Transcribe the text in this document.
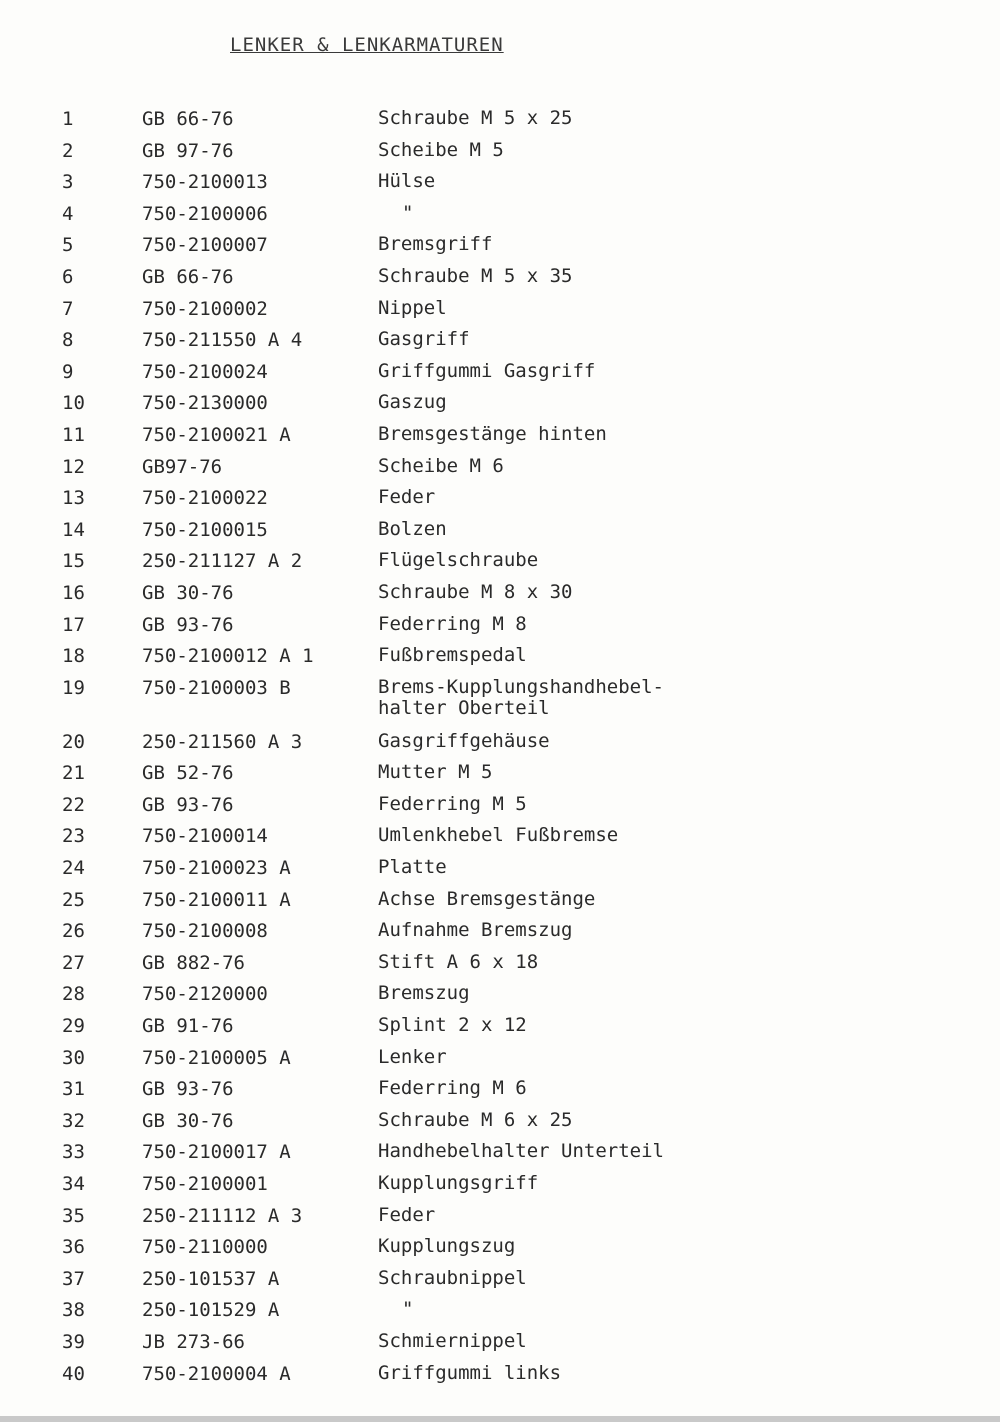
LENKER & LENKARMATUREN
1	GB 66-76	Schraube M 5 x 25
2	GB 97-76	Scheibe M 5
3	750-2100013	Hülse
4	750-2100006	"
5	750-2100007	Bremsgriff
6	GB 66-76	Schraube M 5 x 35
7	750-2100002	Nippel
8	750-211550 A 4	Gasgriff
9	750-2100024	Griffgummi Gasgriff
10	750-2130000	Gaszug
11	750-2100021 A	Bremsgestänge hinten
12	GB97-76	Scheibe M 6
13	750-2100022	Feder
14	750-2100015	Bolzen
15	250-211127 A 2	Flügelschraube
16	GB 30-76	Schraube M 8 x 30
17	GB 93-76	Federring M 8
18	750-2100012 A 1	Fußbremspedal
19	750-2100003 B	Brems-Kupplungshandhebel-
halter Oberteil
20	250-211560 A 3	Gasgriffgehäuse
21	GB 52-76	Mutter M 5
22	GB 93-76	Federring M 5
23	750-2100014	Umlenkhebel Fußbremse
24	750-2100023 A	Platte
25	750-2100011 A	Achse Bremsgestänge
26	750-2100008	Aufnahme Bremszug
27	GB 882-76	Stift A 6 x 18
28	750-2120000	Bremszug
29	GB 91-76	Splint 2 x 12
30	750-2100005 A	Lenker
31	GB 93-76	Federring M 6
32	GB 30-76	Schraube M 6 x 25
33	750-2100017 A	Handhebelhalter Unterteil
34	750-2100001	Kupplungsgriff
35	250-211112 A 3	Feder
36	750-2110000	Kupplungszug
37	250-101537 A	Schraubnippel
38	250-101529 A	"
39	JB 273-66	Schmiernippel
40	750-2100004 A	Griffgummi links
